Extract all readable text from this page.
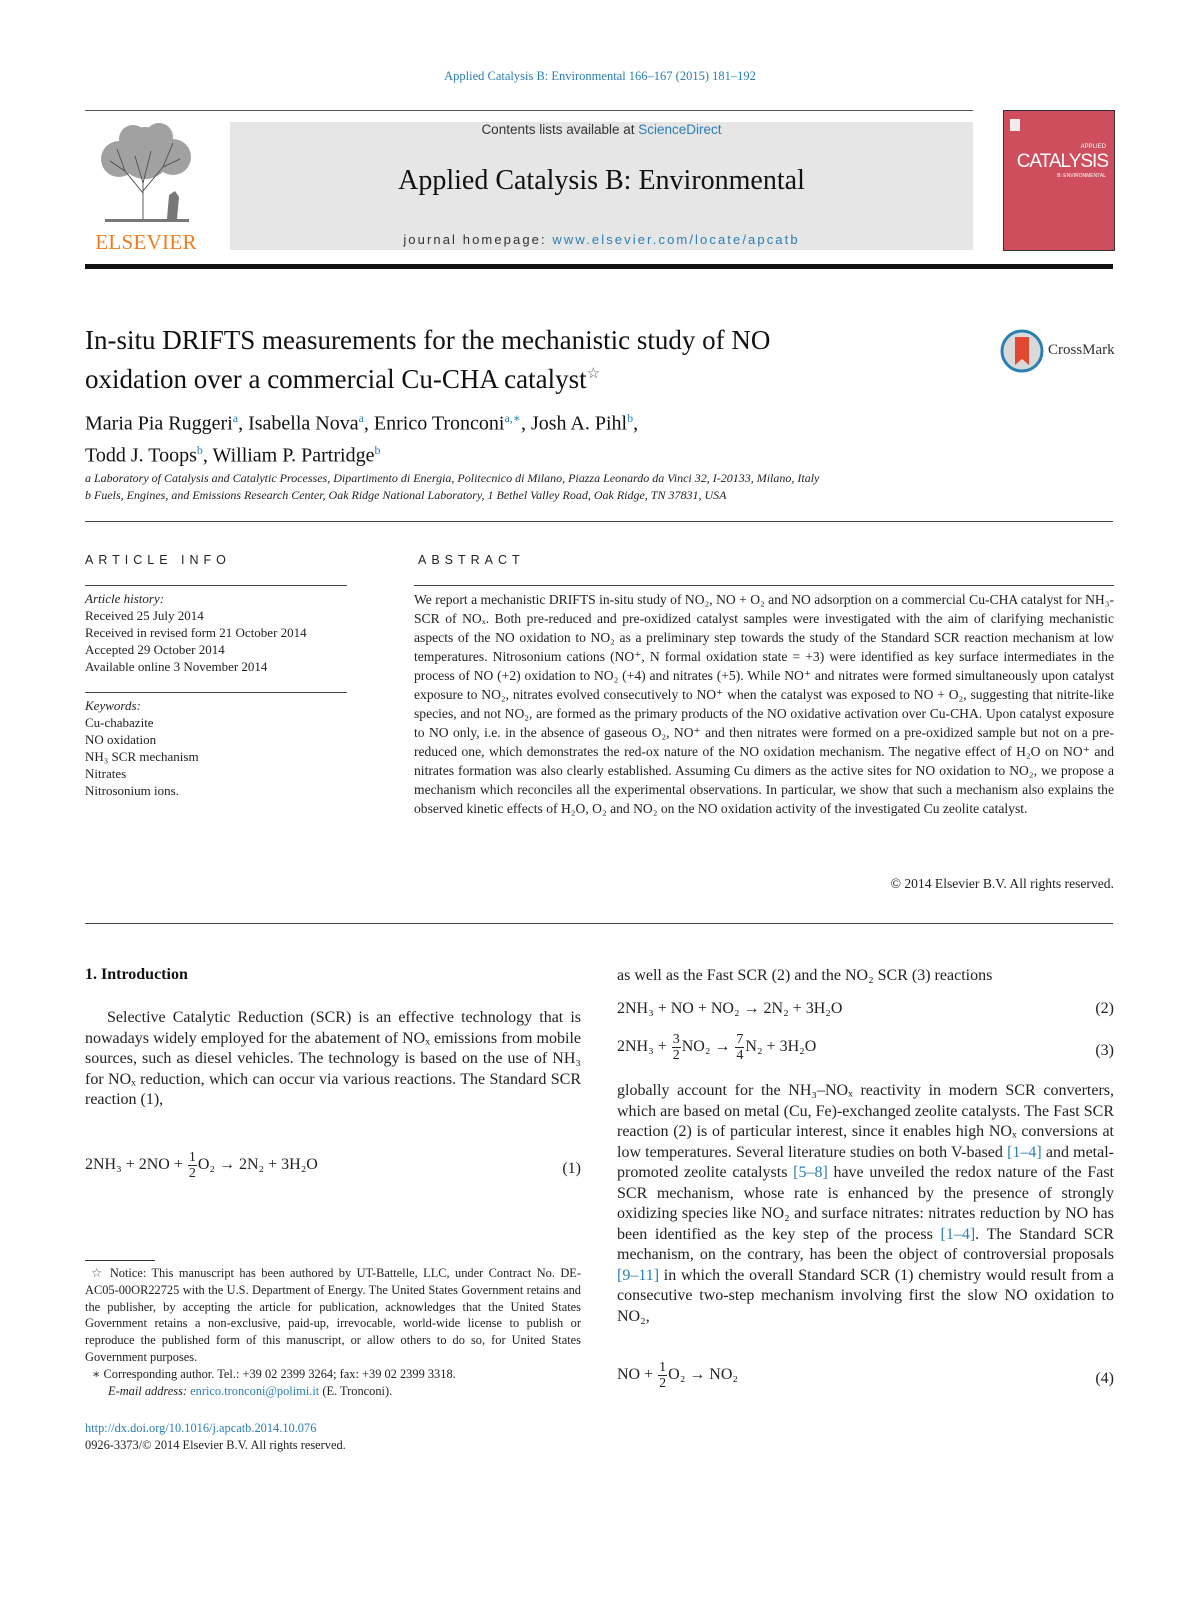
Applied Catalysis B: Environmental 166–167 (2015) 181–192
ELSEVIER
Contents lists available at ScienceDirect
Applied Catalysis B: Environmental
journal homepage: www.elsevier.com/locate/apcatb
APPLIED
CATALYSIS
B: ENVIRONMENTAL
In-situ DRIFTS measurements for the mechanistic study of NO
oxidation over a commercial Cu-CHA catalyst☆
CrossMark
Maria Pia Ruggeri$^a$, Isabella Nova$^a$, Enrico Tronconi$^{a,∗}$, Josh A. Pihl$^b$,
Todd J. Toops$^b$, William P. Partridge$^b$
a Laboratory of Catalysis and Catalytic Processes, Dipartimento di Energia, Politecnico di Milano, Piazza Leonardo da Vinci 32, I-20133, Milano, Italy
b Fuels, Engines, and Emissions Research Center, Oak Ridge National Laboratory, 1 Bethel Valley Road, Oak Ridge, TN 37831, USA
ARTICLE INFO	ABSTRACT
Article history:
Received 25 July 2014
Received in revised form 21 October 2014
Accepted 29 October 2014
Available online 3 November 2014
Keywords:
Cu-chabazite
NO oxidation
NH₃ SCR mechanism
Nitrates
Nitrosonium ions.
We report a mechanistic DRIFTS in-situ study of NO₂, NO + O₂ and NO adsorption on a commercial Cu-CHA catalyst for NH₃-SCR of NOₓ. Both pre-reduced and pre-oxidized catalyst samples were investigated with the aim of clarifying mechanistic aspects of the NO oxidation to NO₂ as a preliminary step towards the study of the Standard SCR reaction mechanism at low temperatures. Nitrosonium cations (NO⁺, N formal oxidation state = +3) were identified as key surface intermediates in the process of NO (+2) oxidation to NO₂ (+4) and nitrates (+5). While NO⁺ and nitrates were formed simultaneously upon catalyst exposure to NO₂, nitrates evolved consecutively to NO⁺ when the catalyst was exposed to NO + O₂, suggesting that nitrite-like species, and not NO₂, are formed as the primary products of the NO oxidative activation over Cu-CHA. Upon catalyst exposure to NO only, i.e. in the absence of gaseous O₂, NO⁺ and then nitrates were formed on a pre-oxidized sample but not on a pre-reduced one, which demonstrates the red-ox nature of the NO oxidation mechanism. The negative effect of H₂O on NO⁺ and nitrates formation was also clearly established. Assuming Cu dimers as the active sites for NO oxidation to NO₂, we propose a mechanism which reconciles all the experimental observations. In particular, we show that such a mechanism also explains the observed kinetic effects of H₂O, O₂ and NO₂ on the NO oxidation activity of the investigated Cu zeolite catalyst.
© 2014 Elsevier B.V. All rights reserved.
1. Introduction
Selective Catalytic Reduction (SCR) is an effective technology that is nowadays widely employed for the abatement of NOₓ emissions from mobile sources, such as diesel vehicles. The technology is based on the use of NH₃ for NOₓ reduction, which can occur via various reactions. The Standard SCR reaction (1),
$2NH_3 + 2NO + \frac{1}{2} O_2 \to 2N_2 + 3H_2O$	(1)
☆ Notice: This manuscript has been authored by UT-Battelle, LLC, under Contract No. DE-AC05-00OR22725 with the U.S. Department of Energy. The United States Government retains and the publisher, by accepting the article for publication, acknowledges that the United States Government retains a non-exclusive, paid-up, irrevocable, world-wide license to publish or reproduce the published form of this manuscript, or allow others to do so, for United States Government purposes.
∗ Corresponding author. Tel.: +39 02 2399 3264; fax: +39 02 2399 3318.
E-mail address: enrico.tronconi@polimi.it (E. Tronconi).
http://dx.doi.org/10.1016/j.apcatb.2014.10.076
0926-3373/© 2014 Elsevier B.V. All rights reserved.
as well as the Fast SCR (2) and the NO₂ SCR (3) reactions
2NH₃ + NO + NO₂ → 2N₂ + 3H₂O	(2)
$2NH_3 + \frac{3}{2} NO_2 \to \frac{7}{4} N_2 + 3H_2O$	(3)
globally account for the NH₃–NOₓ reactivity in modern SCR converters, which are based on metal (Cu, Fe)-exchanged zeolite catalysts. The Fast SCR reaction (2) is of particular interest, since it enables high NOₓ conversions at low temperatures. Several literature studies on both V-based [1–4] and metal-promoted zeolite catalysts [5–8] have unveiled the redox nature of the Fast SCR mechanism, whose rate is enhanced by the presence of strongly oxidizing species like NO₂ and surface nitrates: nitrates reduction by NO has been identified as the key step of the process [1–4]. The Standard SCR mechanism, on the contrary, has been the object of controversial proposals [9–11] in which the overall Standard SCR (1) chemistry would result from a consecutive two-step mechanism involving first the slow NO oxidation to NO₂,
NO + $\frac{1}{2} O_2 \to NO_2$	(4)
